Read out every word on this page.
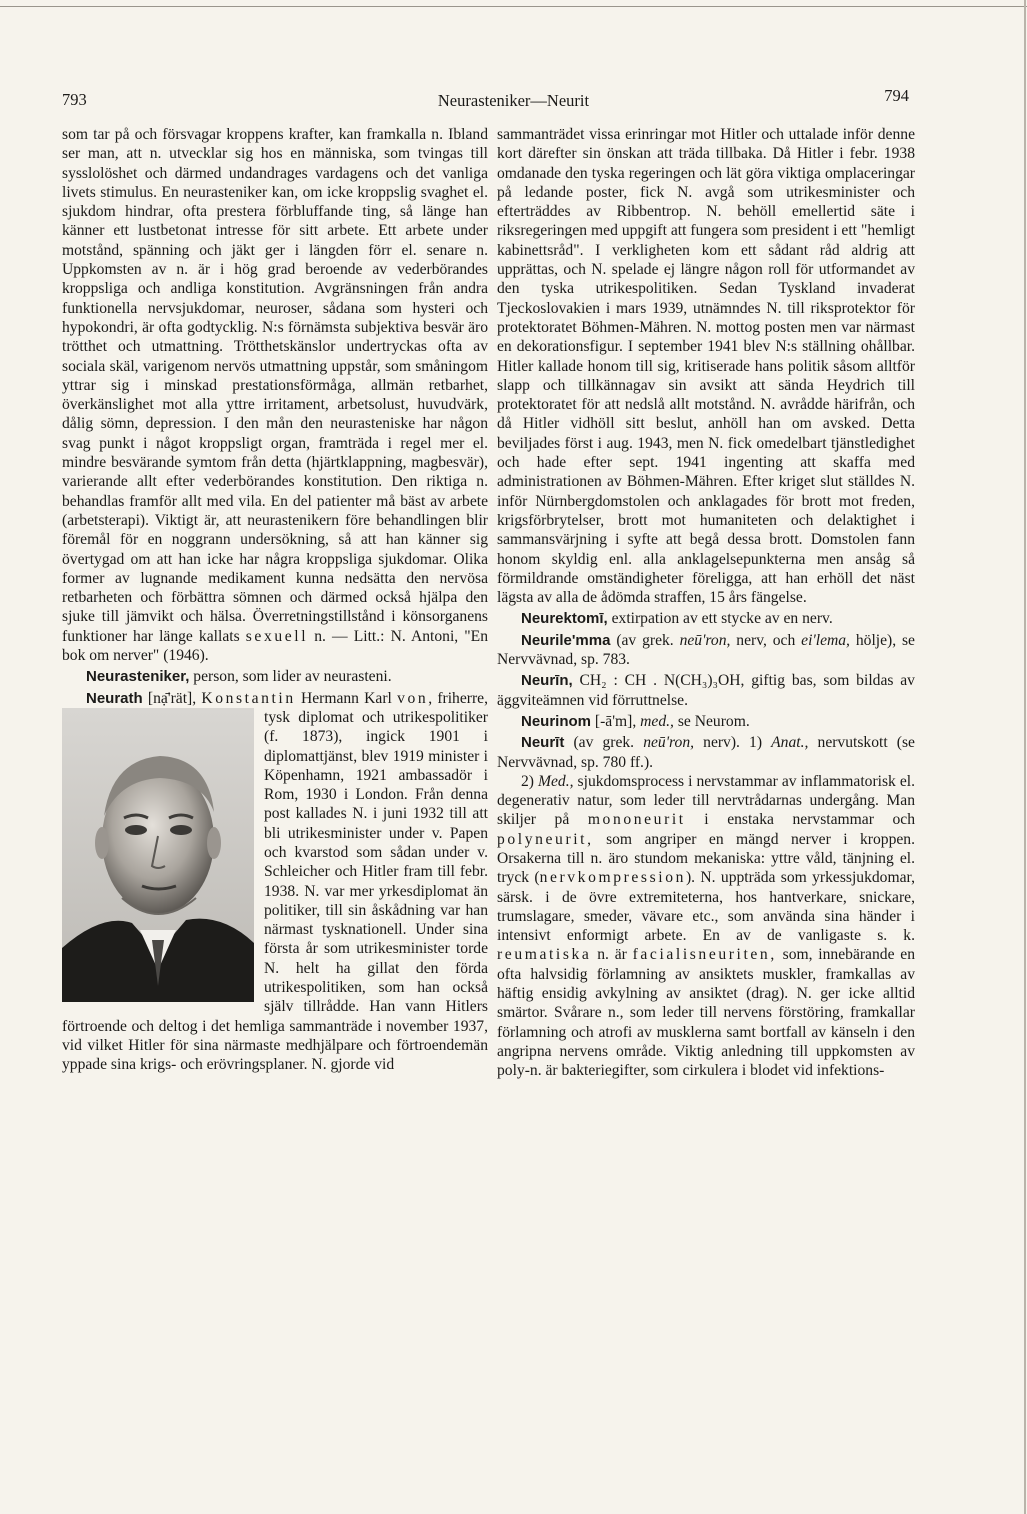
793	Neurasteniker—Neurit	794

som tar på och försvagar kroppens krafter, kan framkalla n. Ibland ser man, att n. utvecklar sig hos en människa, som tvingas till sysslolöshet och därmed undandrages vardagens och det vanliga livets stimulus. En neurasteniker kan, om icke kroppslig svaghet el. sjukdom hindrar, ofta prestera förbluffande ting, så länge han känner ett lustbetonat intresse för sitt arbete. Ett arbete under motstånd, spänning och jäkt ger i längden förr el. senare n. Uppkomsten av n. är i hög grad beroende av vederbörandes kroppsliga och andliga konstitution. Avgränsningen från andra funktionella nervsjukdomar, neuroser, sådana som hysteri och hypokondri, är ofta godtycklig. N:s förnämsta subjektiva besvär äro trötthet och utmattning. Trötthetskänslor undertryckas ofta av sociala skäl, varigenom nervös utmattning uppstår, som småningom yttrar sig i minskad prestationsförmåga, allmän retbarhet, överkänslighet mot alla yttre irritament, arbetsolust, huvudvärk, dålig sömn, depression. I den mån den neurasteniske har någon svag punkt i något kroppsligt organ, framträda i regel mer el. mindre besvärande symtom från detta (hjärtklappning, magbesvär), varierande allt efter vederbörandes konstitution. Den riktiga n. behandlas framför allt med vila. En del patienter må bäst av arbete (arbetsterapi). Viktigt är, att neurastenikern före behandlingen blir föremål för en noggrann undersökning, så att han känner sig övertygad om att han icke har några kroppsliga sjukdomar. Olika former av lugnande medikament kunna nedsätta den nervösa retbarheten och förbättra sömnen och därmed också hjälpa den sjuke till jämvikt och hälsa. Överretningstillstånd i könsorganens funktioner har länge kallats sexuell n. — Litt.: N. Antoni, "En bok om nerver" (1946).

Neurasteniker, person, som lider av neurasteni.

Neurath [nạ̄'rät], Konstantin Hermann Karl von
, friherre, tysk diplomat och utrikespolitiker (f. 1873), ingick 1901 i diplomattjänst, blev 1919 minister i Köpenhamn, 1921 ambassadör i Rom, 1930 i London. Från denna post kallades N. i juni 1932 till att bli utrikesminister under v. Papen och kvarstod som sådan under v. Schleicher och Hitler fram till febr. 1938. N. var mer yrkesdiplomat än politiker, till sin åskådning var han närmast tysknationell. Under sina första år som utrikesminister torde N. helt ha gillat den förda utrikespolitiken, som han också själv tillrådde. Han vann Hitlers förtroende och deltog i det hemliga sammanträde i november 1937, vid vilket Hitler för sina närmaste medhjälpare och förtroendemän yppade sina krigs- och erövringsplaner. N. gjorde vid

sammanträdet vissa erinringar mot Hitler och uttalade inför denne kort därefter sin önskan att träda tillbaka. Då Hitler i febr. 1938 omdanade den tyska regeringen och lät göra viktiga omplaceringar på ledande poster, fick N. avgå som utrikesminister och efterträddes av Ribbentrop. N. behöll emellertid säte i riksregeringen med uppgift att fungera som president i ett "hemligt kabinettsråd". I verkligheten kom ett sådant råd aldrig att upprättas, och N. spelade ej längre någon roll för utformandet av den tyska utrikespolitiken. Sedan Tyskland invaderat Tjeckoslovakien i mars 1939, utnämndes N. till riksprotektor för protektoratet Böhmen-Mähren. N. mottog posten men var närmast en dekorationsfigur. I september 1941 blev N:s ställning ohållbar. Hitler kallade honom till sig, kritiserade hans politik såsom alltför slapp och tillkännagav sin avsikt att sända Heydrich till protektoratet för att nedslå allt motstånd. N. avrådde härifrån, och då Hitler vidhöll sitt beslut, anhöll han om avsked. Detta beviljades först i aug. 1943, men N. fick omedelbart tjänstledighet och hade efter sept. 1941 ingenting att skaffa med administrationen av Böhmen-Mähren. Efter kriget slut ställdes N. inför Nürnbergdomstolen och anklagades för brott mot freden, krigsförbrytelser, brott mot humaniteten och delaktighet i sammansvärjning i syfte att begå dessa brott. Domstolen fann honom skyldig enl. alla anklagelsepunkterna men ansåg så förmildrande omständigheter föreligga, att han erhöll det näst lägsta av alla de ådömda straffen, 15 års fängelse.

Neurektomī, extirpation av ett stycke av en nerv.

Neurile'mma (av grek. neū'ron, nerv, och ei'lema, hölje), se Nervvävnad, sp. 783.

Neurīn, CH₂ : CH . N(CH₃)₃OH, giftig bas, som bildas av äggviteämnen vid förruttnelse.

Neurinom [-ā'm], med., se Neurom.

Neurīt (av grek. neū'ron, nerv). 1) Anat., nervutskott (se Nervvävnad, sp. 780 ff.).

2) Med., sjukdomsprocess i nervstammar av inflammatorisk el. degenerativ natur, som leder till nervtrådarnas undergång. Man skiljer på mononeurit i enstaka nervstammar och polyneurit, som angriper en mängd nerver i kroppen. Orsakerna till n. äro stundom mekaniska: yttre våld, tänjning el. tryck (nervkompression). N. uppträda som yrkessjukdomar, särsk. i de övre extremiteterna, hos hantverkare, snickare, trumslagare, smeder, vävare etc., som använda sina händer i intensivt enformigt arbete. En av de vanligaste s. k. reumatiska n. är facialisneuriten, som, innebärande en ofta halvsidig förlamning av ansiktets muskler, framkallas av häftig ensidig avkylning av ansiktet (drag). N. ger icke alltid smärtor. Svårare n., som leder till nervens förstöring, framkallar förlamning och atrofi av musklerna samt bortfall av känseln i den angripna nervens område. Viktig anledning till uppkomsten av poly-n. är bakteriegifter, som cirkulera i blodet vid infektions-
